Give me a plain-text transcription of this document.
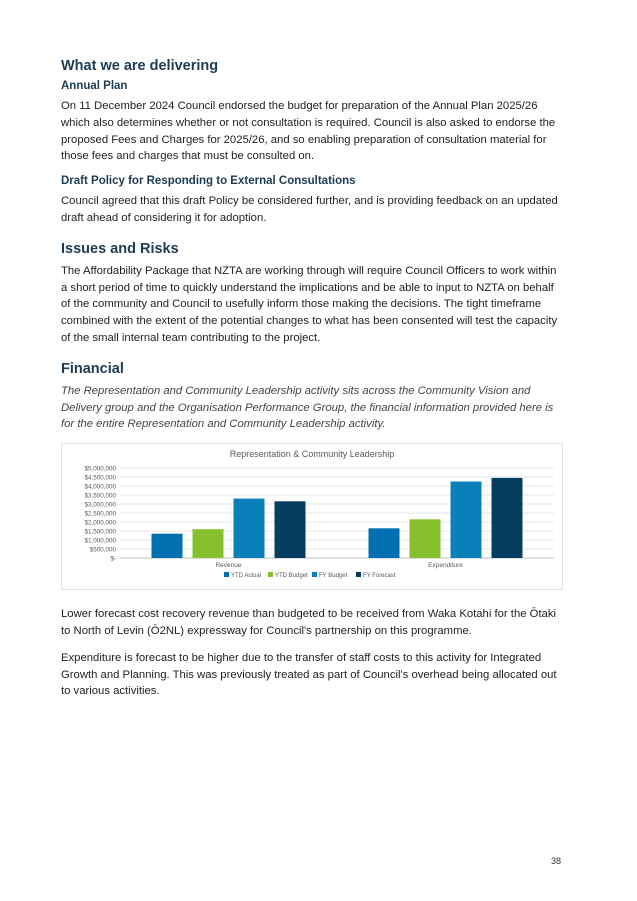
What we are delivering
Annual Plan

On 11 December 2024 Council endorsed the budget for preparation of the Annual Plan 2025/26 which also determines whether or not consultation is required. Council is also asked to endorse the proposed Fees and Charges for 2025/26, and so enabling preparation of consultation material for those fees and charges that must be consulted on.

Draft Policy for Responding to External Consultations

Council agreed that this draft Policy be considered further, and is providing feedback on an updated draft ahead of considering it for adoption.

Issues and Risks

The Affordability Package that NZTA are working through will require Council Officers to work within a short period of time to quickly understand the implications and be able to input to NZTA on behalf of the community and Council to usefully inform those making the decisions. The tight timeframe combined with the extent of the potential changes to what has been consented will test the capacity of the small internal team contributing to the project.

Financial

The Representation and Community Leadership activity sits across the Community Vision and Delivery group and the Organisation Performance Group, the financial information provided here is for the entire Representation and Community Leadership activity.

Representation & Community Leadership
$-
$500,000
$1,000,000
$1,500,000
$2,000,000
$2,500,000
$3,000,000
$3,500,000
$4,000,000
$4,500,000
$5,000,000
Revenue	Expenditure
YTD Actual YTD Budget FY Budget	FY Forecast

Lower forecast cost recovery revenue than budgeted to be received from Waka Kotahi for the Ōtaki to North of Levin (Ō2NL) expressway for Council's partnership on this programme.

Expenditure is forecast to be higher due to the transfer of staff costs to this activity for Integrated Growth and Planning. This was previously treated as part of Council's overhead being allocated out to various activities.

38
